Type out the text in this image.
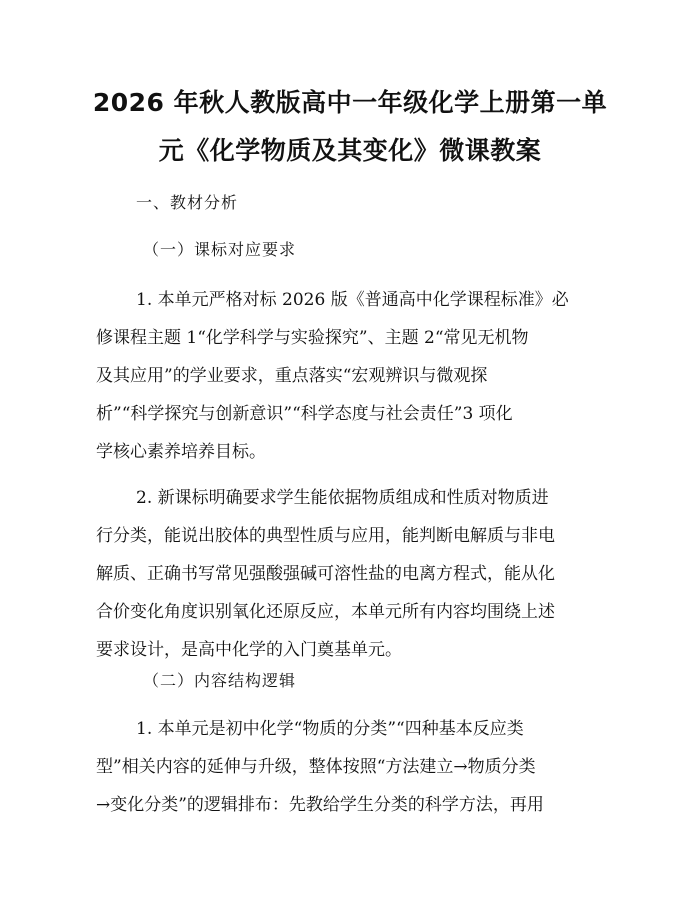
2026 年秋人教版高中一年级化学上册第一单
元《化学物质及其变化》微课教案
一、教材分析
（一）课标对应要求
1. 本单元严格对标 2026 版《普通高中化学课程标准》必
修课程主题 1“化学科学与实验探究”、主题 2“常见无机物
及其应用”的学业要求，重点落实“宏观辨识与微观探
析”“科学探究与创新意识”“科学态度与社会责任”3 项化
学核心素养培养目标。
2. 新课标明确要求学生能依据物质组成和性质对物质进
行分类，能说出胶体的典型性质与应用，能判断电解质与非电
解质、正确书写常见强酸强碱可溶性盐的电离方程式，能从化
合价变化角度识别氧化还原反应，本单元所有内容均围绕上述
要求设计，是高中化学的入门奠基单元。
（二）内容结构逻辑
1. 本单元是初中化学“物质的分类”“四种基本反应类
型”相关内容的延伸与升级，整体按照“方法建立→物质分类
→变化分类”的逻辑排布：先教给学生分类的科学方法，再用
